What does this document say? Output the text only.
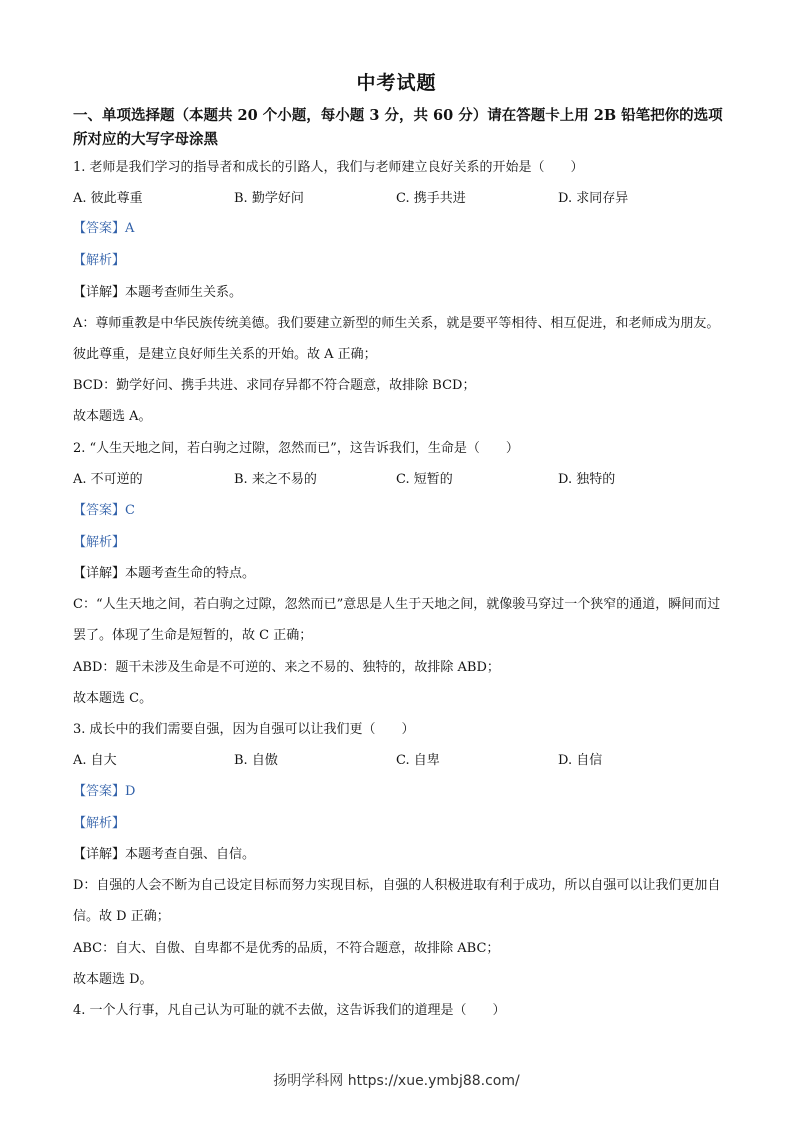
中考试题
一、单项选择题（本题共 20 个小题，每小题 3 分，共 60 分）请在答题卡上用 2B 铅笔把你的选项所对应的大写字母涂黑
1. 老师是我们学习的指导者和成长的引路人，我们与老师建立良好关系的开始是（　　）
A. 彼此尊重	B. 勤学好问	C. 携手共进	D. 求同存异
【答案】A
【解析】
【详解】本题考查师生关系。
A：尊师重教是中华民族传统美德。我们要建立新型的师生关系，就是要平等相待、相互促进，和老师成为朋友。彼此尊重，是建立良好师生关系的开始。故 A 正确；
BCD：勤学好问、携手共进、求同存异都不符合题意，故排除 BCD；
故本题选 A。
2. “人生天地之间，若白驹之过隙，忽然而已”，这告诉我们，生命是（　　）
A. 不可逆的	B. 来之不易的	C. 短暂的	D. 独特的
【答案】C
【解析】
【详解】本题考查生命的特点。
C：“人生天地之间，若白驹之过隙，忽然而已”意思是人生于天地之间，就像骏马穿过一个狭窄的通道，瞬间而过罢了。体现了生命是短暂的，故 C 正确；
ABD：题干未涉及生命是不可逆的、来之不易的、独特的，故排除 ABD；
故本题选 C。
3. 成长中的我们需要自强，因为自强可以让我们更（　　）
A. 自大	B. 自傲	C. 自卑	D. 自信
【答案】D
【解析】
【详解】本题考查自强、自信。
D：自强的人会不断为自己设定目标而努力实现目标，自强的人积极进取有利于成功，所以自强可以让我们更加自信。故 D 正确；
ABC：自大、自傲、自卑都不是优秀的品质，不符合题意，故排除 ABC；
故本题选 D。
4. 一个人行事，凡自己认为可耻的就不去做，这告诉我们的道理是（　　）
扬明学科网 https://xue.ymbj88.com/
